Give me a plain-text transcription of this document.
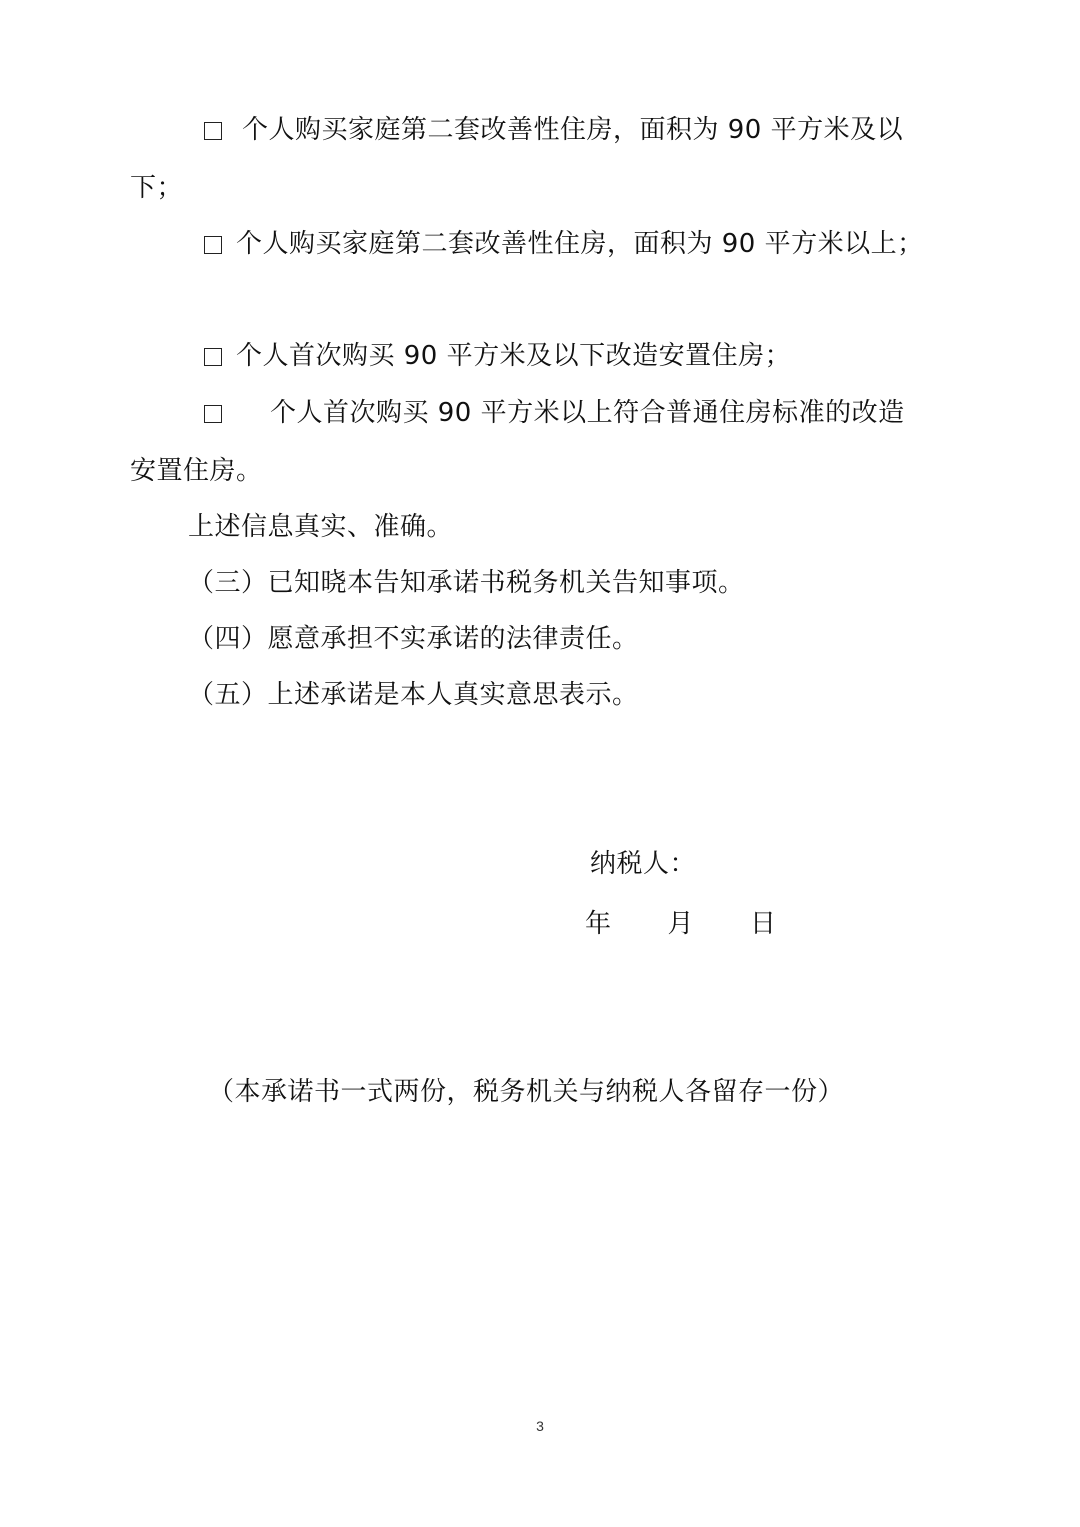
个人购买家庭第二套改善性住房，面积为 90 平方米及以
下；
个人购买家庭第二套改善性住房，面积为 90 平方米以上；
个人首次购买 90 平方米及以下改造安置住房；
个人首次购买 90 平方米以上符合普通住房标准的改造
安置住房。
上述信息真实、准确。
（三）已知晓本告知承诺书税务机关告知事项。
（四）愿意承担不实承诺的法律责任。
（五）上述承诺是本人真实意思表示。
纳税人：
年 月 日
（本承诺书一式两份，税务机关与纳税人各留存一份）
3
